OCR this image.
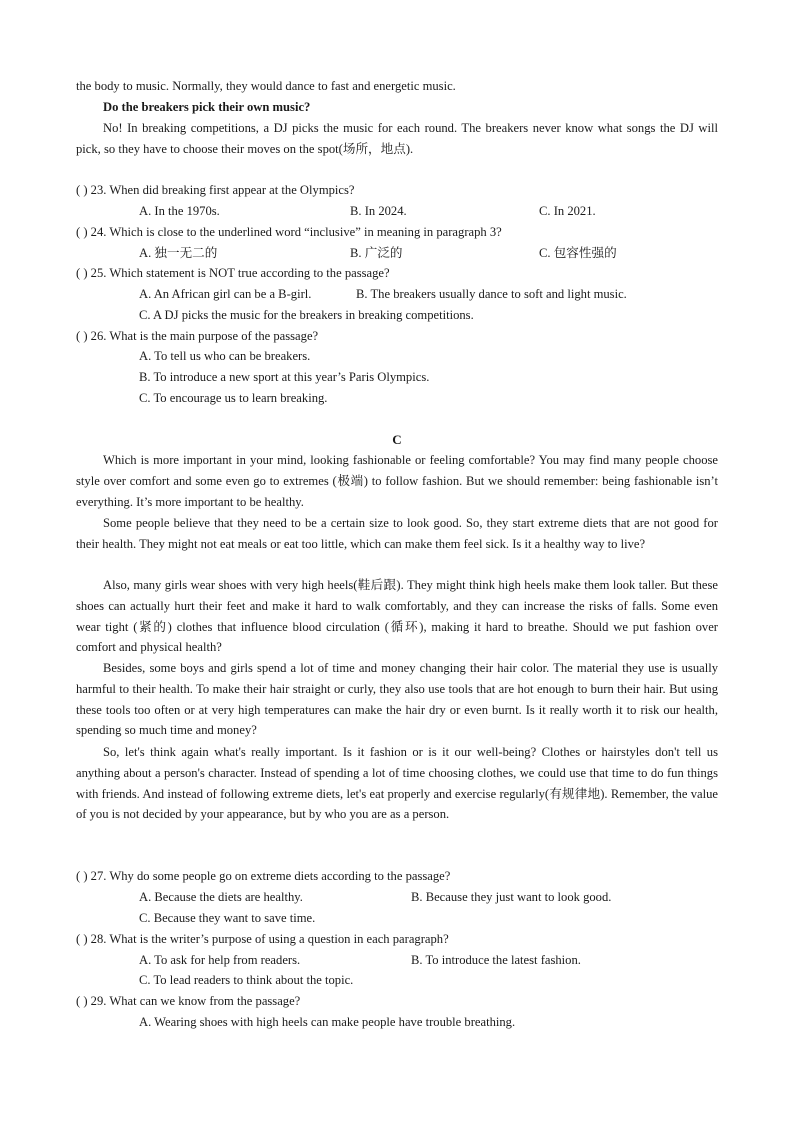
the body to music. Normally, they would dance to fast and energetic music.

Do the breakers pick their own music?

No! In breaking competitions, a DJ picks the music for each round. The breakers never know what songs the DJ will pick, so they have to choose their moves on the spot(场所，地点).

( ) 23. When did breaking first appear at the Olympics?

A. In the 1970s.	B. In 2024.	C. In 2021.

( ) 24. Which is close to the underlined word “inclusive” in meaning in paragraph 3?

A. 独一无二的	B. 广泛的	C. 包容性强的

( ) 25. Which statement is NOT true according to the passage?

A. An African girl can be a B-girl.	B. The breakers usually dance to soft and light music.

C. A DJ picks the music for the breakers in breaking competitions.

( ) 26. What is the main purpose of the passage?

A. To tell us who can be breakers.

B. To introduce a new sport at this year’s Paris Olympics.

C. To encourage us to learn breaking.

C

Which is more important in your mind, looking fashionable or feeling comfortable? You may find many people choose style over comfort and some even go to extremes (极端) to follow fashion. But we should remember: being fashionable isn’t everything. It’s more important to be healthy.

Some people believe that they need to be a certain size to look good. So, they start extreme diets that are not good for their health. They might not eat meals or eat too little, which can make them feel sick. Is it a healthy way to live?

Also, many girls wear shoes with very high heels(鞋后跟). They might think high heels make them look taller. But these shoes can actually hurt their feet and make it hard to walk comfortably, and they can increase the risks of falls. Some even wear tight (紧的) clothes that influence blood circulation (循环), making it hard to breathe. Should we put fashion over comfort and physical health?

Besides, some boys and girls spend a lot of time and money changing their hair color. The material they use is usually harmful to their health. To make their hair straight or curly, they also use tools that are hot enough to burn their hair. But using these tools too often or at very high temperatures can make the hair dry or even burnt. Is it really worth it to risk our health, spending so much time and money?

So, let's think again what's really important. Is it fashion or is it our well-being? Clothes or hairstyles don't tell us anything about a person's character. Instead of spending a lot of time choosing clothes, we could use that time to do fun things with friends. And instead of following extreme diets, let's eat properly and exercise regularly(有规律地). Remember, the value of you is not decided by your appearance, but by who you are as a person.

( ) 27. Why do some people go on extreme diets according to the passage?

A. Because the diets are healthy.	B. Because they just want to look good.

C. Because they want to save time.

( ) 28. What is the writer’s purpose of using a question in each paragraph?

A. To ask for help from readers.	B. To introduce the latest fashion.

C. To lead readers to think about the topic.

( ) 29. What can we know from the passage?

A. Wearing shoes with high heels can make people have trouble breathing.
